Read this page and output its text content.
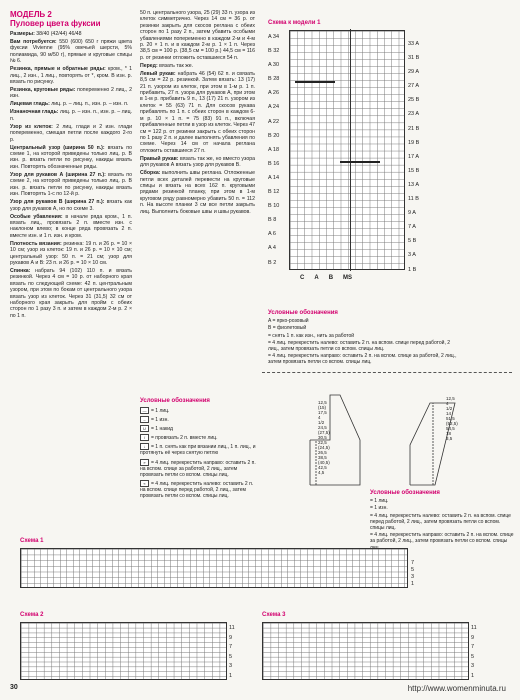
МОДЕЛЬ 2
Пуловер цвета фуксии

Размеры: 38/40 (42/44) 46/48

Вам потребуется: 550 (600) 650 г пряжи цвета фуксии Vivienne (95% овечьей шерсти, 5% полиамида, 90 м/50 г), прямые и круговые спицы № 6.

Резинка, прямые и обратные ряды: кром., * 1 лиц., 2 изн., 1 лиц., повторять от *, кром. В изн. р. вязать по рисунку.

Резинка, круговые ряды: попеременно 2 лиц., 2 изн.

Лицевая гладь: лиц. р. – лиц. п., изн. р. – изн. п.

Изнаночная гладь: лиц. р. – изн. п., изн. р. – лиц. п.

Узор из клеток: 2 лиц. глади и 2 изн. глади попеременно, смещая петли после каждого 2-го р.

Центральный узор (ширина 50 п.): вязать по схеме 1, на которой приведены только лиц. р. В изн. р. вязать петли по рисунку, накиды вязать изн. Повторять обозначенные ряды.

Узор для рукавов А (ширина 27 п.): вязать по схеме 2, на которой приведены только лиц. р. В изн. р. вязать петли по рисунку, накиды вязать изн. Повторять 1-с по 12-й р.

Узор для рукавов В (ширина 27 п.): вязать как узор для рукавов А, но по схеме 3.

Особые убавления: в начале ряда кром., 1 п. вязать лиц., провязать 2 п. вместе изн. с наклоном влево; в конце ряда провязать 2 п. вместе изн. и 1 п. изн. и кром.

Плотность вязания: резинка: 19 п. и 26 р. = 10 × 10 см; узор из клеток: 19 п. и 26 р. = 10 × 10 см; центральный узор: 50 п. = 21 см; узор для рукавов А и В: 23 п. и 26 р. = 10 × 10 см.

Спинка: набрать 94 (102) 110 п. и вязать резинкой. Через 4 см = 10 р. от наборного края вязать по следующей схеме: 42 п. центральным узором, при этом по бокам от центрального узора вязать узор из клеток. Через 31 (31,5) 32 см от наборного края закрыть для пройм с обеих сторон по 1 разу 3 п. и затем в каждом 2-м р. 2 × по 1 п.

50 п. центрального узора, 25 (29) 33 п. узора из клеток симметрично. Через 14 см = 36 р. от резинки закрыть для скосов реглана с обеих сторон по 1 разу 2 п., затем убавить особыми убавлениями попеременно в каждом 2-м и 4-м р. 20 × 1 п. и в каждом 2-м р. 1 × 1 п. Через 38,5 см = 100 р. (38,5 см = 100 р.) 44,5 см = 116 р. от резинки отложить оставшиеся 54 п.

Перед: вязать так же.

Левый рукав: набрать 46 (54) 62 п. и связать 8,5 см = 22 р. резинкой. Затем вязать: 13 (17) 21 п. узором из клеток, при этом в 1-м р. 1 п. прибавить, 27 п. узора для рукавов А, при этом в 1-м р. прибавить 9 п., 13 (17) 21 п. узором из клеток = 55 (63) 71 п. Для скосов рукава прибавлять по 1 п. с обеих сторон в каждом 6-м р. 10 × 1 п. = 75 (83) 91 п., включая прибавленные петли в узор из клеток. Через 47 см = 122 р. от резинки закрыть с обеих сторон по 1 разу 2 п. и далее выполнять убавления по схеме. Через 14 см от начала реглана отложить оставшиеся 27 п.

Правый рукав: вязать так же, но вместо узора для рукавов А вязать узор для рукавов В.

Сборка: выполнить швы реглана. Отложенные петли всех деталей перевести на круговые спицы и вязать на всех 162 п. круговыми рядами резинкой планку, при этом в 1-м круговом ряду равномерно убавить 50 п. = 112 п. На высоте планки 3 см все петли закрыть лиц. Выполнить боковые швы и швы рукавов.

Условные обозначения
— = 1 лиц.
– = 1 изн.
U = 1 накид
/ = провязать 2 п. вместе лиц.
↓ = 1 п. снять как при вязании лиц., 1 п. лиц., и протянуть её через снятую петлю
» = 4 лиц. перекрестить направо: оставить 2 п. на вспом. спице за работой, 2 лиц., затем провязать петли со вспом. спицы лиц.
« = 4 лиц. перекрестить налево: оставить 2 п. на вспом. спице перед работой, 2 лиц., затем провязать петли со вспом. спицы лиц.
Схема к модели 1
A 34
B 32
A 30
B 28
A 26
A 24
A 22
B 20
A 18
B 16
A 14
B 12
B 10
B 8
A 6
A 4
B 2
33 A
31 B
29 A
27 A
25 B
23 A
21 B
19 B
17 A
15 B
13 A
11 B
9 A
7 A
5 B
3 A
1 B
C A B MS
Условные обозначения
A = ярко-розовый
B = фиолетовый
= снять 1 п. как изн., нить за работой
= 4 лиц. перекрестить налево: оставить 2 п. на вспом. спице перед работой, 2 лиц., затем провязать петли со вспом. спицы лиц.
= 4 лиц. перекрестить направо: оставить 2 п. на вспом. спице за работой, 2 лиц., затем провязать петли со вспом. спицы лиц.
12,5
(15)
17,5
4
1/2
24,5
(27,5)
30,5
22,5
(24,5)
26,5
38,5
(40,5)
42,5
4,5
12,5
4
1/2
14
51,5
(52,5)
54,5
18
3,5
Условные обозначения
= 1 лиц.
= 1 изн.
= 4 лиц. перекрестить налево: оставить 2 п. на вспом. спице перед работой, 2 лиц., затем провязать петли со вспом. спицы лиц.
= 4 лиц. перекрестить направо: оставить 2 п. на вспом. спице за работой, 2 лиц., затем провязать петли со вспом. спицы
Схема 1
7
5
3
1
Схема 2
11
9
7
5
3
1
Схема 3
11
9
7
5
3
1
30	http://www.womenminuta.ru
